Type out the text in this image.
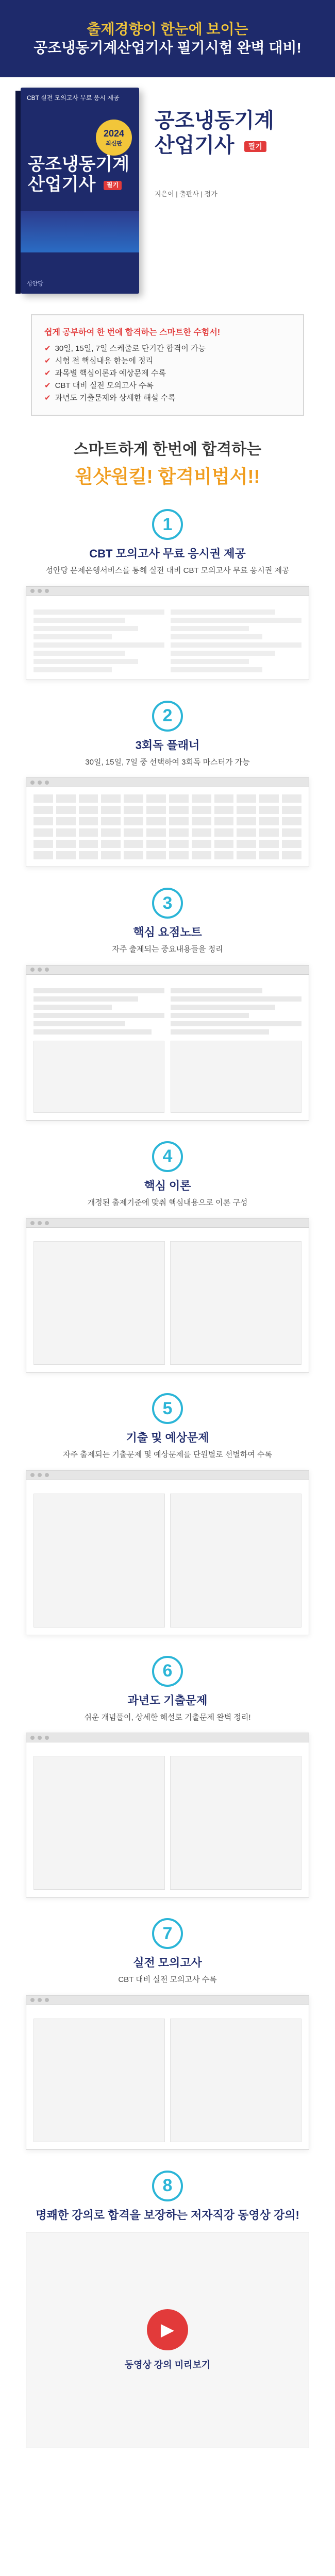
출제경향이 한눈에 보이는
공조냉동기계산업기사 필기시험 완벽 대비!
CBT 실전 모의고사 무료 응시 제공
2024
최신판
공조냉동기계
산업기사 필기
성안당
공조냉동기계
산업기사 필기
지은이 | 출판사 | 정가
쉽게 공부하여 한 번에 합격하는 스마트한 수험서!
✔ 30일, 15일, 7일 스케줄로 단기간 합격이 가능
✔ 시험 전 핵심내용 한눈에 정리
✔ 과목별 핵심이론과 예상문제 수록
✔ CBT 대비 실전 모의고사 수록
✔ 과년도 기출문제와 상세한 해설 수록
스마트하게 한번에 합격하는
원샷원킬! 합격비법서!!
1
CBT 모의고사 무료 응시권 제공
성안당 문제은행서비스를 통해 실전 대비 CBT 모의고사 무료 응시권 제공
2
3회독 플래너
30일, 15일, 7일 중 선택하여 3회독 마스터가 가능
3
핵심 요점노트
자주 출제되는 중요내용들을 정리
4
핵심 이론
개정된 출제기준에 맞춰 핵심내용으로 이론 구성
5
기출 및 예상문제
자주 출제되는 기출문제 및 예상문제를 단원별로 선별하여 수록
6
과년도 기출문제
쉬운 개념풀이, 상세한 해설로 기출문제 완벽 정리!
7
실전 모의고사
CBT 대비 실전 모의고사 수록
8
명쾌한 강의로 합격을 보장하는 저자직강 동영상 강의!
▶
동영상 강의 미리보기
